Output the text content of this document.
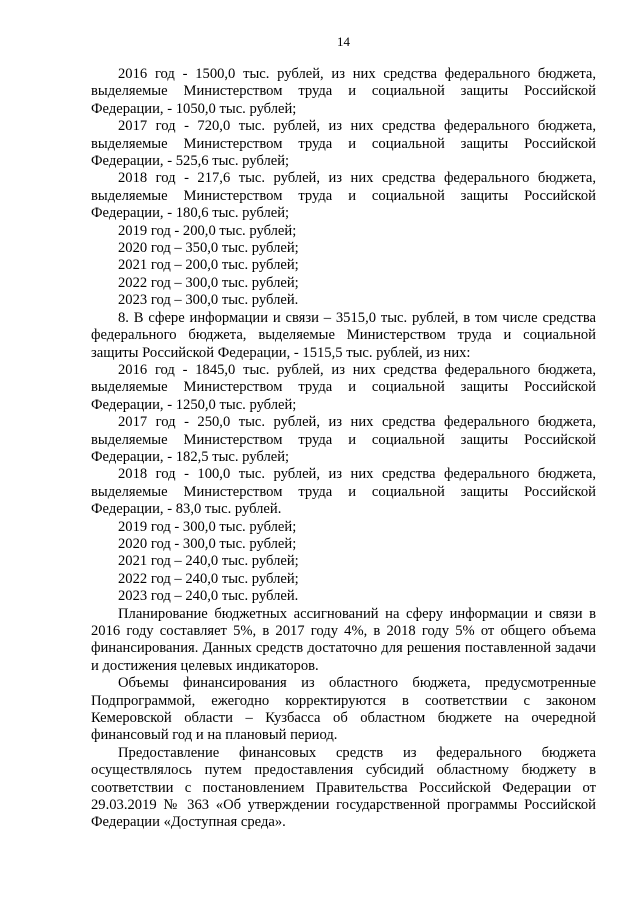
14

2016 год - 1500,0 тыс. рублей, из них средства федерального бюджета, выделяемые Министерством труда и социальной защиты Российской Федерации, - 1050,0 тыс. рублей;

2017 год - 720,0 тыс. рублей, из них средства федерального бюджета, выделяемые Министерством труда и социальной защиты Российской Федерации, - 525,6 тыс. рублей;

2018 год - 217,6 тыс. рублей, из них средства федерального бюджета, выделяемые Министерством труда и социальной защиты Российской Федерации, - 180,6 тыс. рублей;

2019 год - 200,0 тыс. рублей;

2020 год – 350,0 тыс. рублей;

2021 год – 200,0 тыс. рублей;

2022 год – 300,0 тыс. рублей;

2023 год – 300,0 тыс. рублей.

8. В сфере информации и связи – 3515,0 тыс. рублей, в том числе средства федерального бюджета, выделяемые Министерством труда и социальной защиты Российской Федерации, - 1515,5 тыс. рублей, из них:

2016 год - 1845,0 тыс. рублей, из них средства федерального бюджета, выделяемые Министерством труда и социальной защиты Российской Федерации, - 1250,0 тыс. рублей;

2017 год - 250,0 тыс. рублей, из них средства федерального бюджета, выделяемые Министерством труда и социальной защиты Российской Федерации, - 182,5 тыс. рублей;

2018 год - 100,0 тыс. рублей, из них средства федерального бюджета, выделяемые Министерством труда и социальной защиты Российской Федерации, - 83,0 тыс. рублей.

2019 год - 300,0 тыс. рублей;

2020 год - 300,0 тыс. рублей;

2021 год – 240,0 тыс. рублей;

2022 год – 240,0 тыс. рублей;

2023 год – 240,0 тыс. рублей.

Планирование бюджетных ассигнований на сферу информации и связи в 2016 году составляет 5%, в 2017 году 4%, в 2018 году 5% от общего объема финансирования. Данных средств достаточно для решения поставленной задачи и достижения целевых индикаторов.

Объемы финансирования из областного бюджета, предусмотренные Подпрограммой, ежегодно корректируются в соответствии с законом Кемеровской области – Кузбасса об областном бюджете на очередной финансовый год и на плановый период.

Предоставление финансовых средств из федерального бюджета осуществлялось путем предоставления субсидий областному бюджету в соответствии с постановлением Правительства Российской Федерации от 29.03.2019 № 363 «Об утверждении государственной программы Российской Федерации «Доступная среда».
